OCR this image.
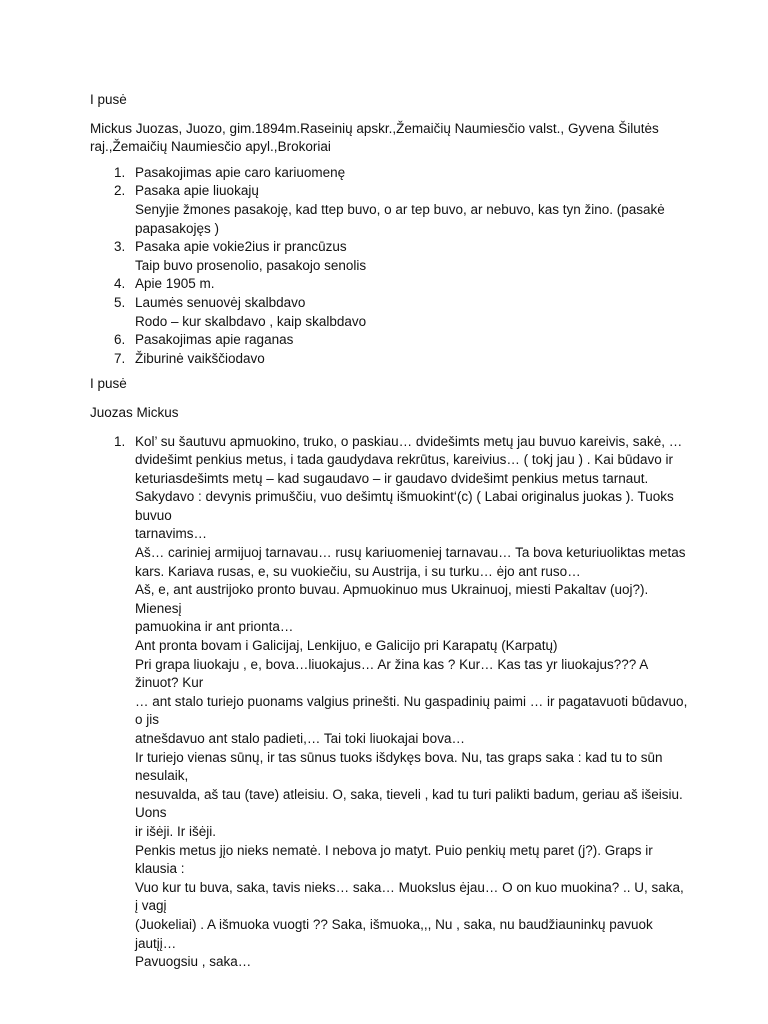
I pusė

Mickus Juozas, Juozo, gim.1894m.Raseinių apskr.,Žemaičių Naumiesčio valst., Gyvena Šilutės

raj.,Žemaičių Naumiesčio apyl.,Brokoriai

1. Pasakojimas apie caro kariuomenę
2. Pasaka apie liuokajų
Senyjie žmones pasakoję, kad ttep buvo, o ar tep buvo, ar nebuvo, kas tyn žino. (pasakė
papasakojęs )
3. Pasaka apie vokie2ius ir prancūzus
Taip buvo prosenolio, pasakojo senolis
4. Apie 1905 m.
5. Laumės senuovėj skalbdavo
Rodo – kur skalbdavo , kaip skalbdavo
6. Pasakojimas apie raganas
7. Žiburinė vaikščiodavo

I pusė

Juozas Mickus

1. Kol’ su šautuvu apmuokino, truko, o paskiau… dvidešimts metų jau buvuo kareivis, sakė, …
dvidešimt penkius metus, i tada gaudydava rekrūtus, kareivius… ( tokj jau ) . Kai būdavo ir
keturiasdešimts metų – kad sugaudavo – ir gaudavo dvidešimt penkius metus tarnaut.
Sakydavo : devynis primuščiu, vuo dešimtų išmuokint‘(c) ( Labai originalus juokas ). Tuoks buvuo
tarnavims…
Aš… cariniej armijuoj tarnavau… rusų kariuomeniej tarnavau… Ta bova keturiuoliktas metas
kars. Kariava rusas, e, su vuokiečiu, su Austrija, i su turku… ėjo ant ruso…
Aš, e, ant austrijoko pronto buvau. Apmuokinuo mus Ukrainuoj, miesti Pakaltav (uoj?). Mienesį
pamuokina ir ant prionta…
Ant pronta bovam i Galicijaj, Lenkijuo, e Galicijo pri Karapatų (Karpatų)
Pri grapa liuokaju , e, bova…liuokajus… Ar žina kas ? Kur… Kas tas yr liuokajus??? A žinuot? Kur
… ant stalo turiejo puonams valgius prinešti. Nu gaspadinių paimi … ir pagatavuoti būdavuo, o jis
atnešdavuo ant stalo padieti,… Tai toki liuokajai bova…
Ir turiejo vienas sūnų, ir tas sūnus tuoks išdykęs bova. Nu, tas graps saka : kad tu to sūn nesulaik,
nesuvalda, aš tau (tave) atleisiu. O, saka, tieveli , kad tu turi palikti badum, geriau aš išeisiu. Uons
ir išėji. Ir išėji.
Penkis metus jįo nieks nematė. I nebova jo matyt. Puio penkių metų paret (j?). Graps ir klausia :
Vuo kur tu buva, saka, tavis nieks… saka… Muokslus ėjau… O on kuo muokina? .. U, saka, į vagį
(Juokeliai) . A išmuoka vuogti ?? Saka, išmuoka,,, Nu , saka, nu baudžiauninkų pavuok jautįį…
Pavuogsiu , saka…
